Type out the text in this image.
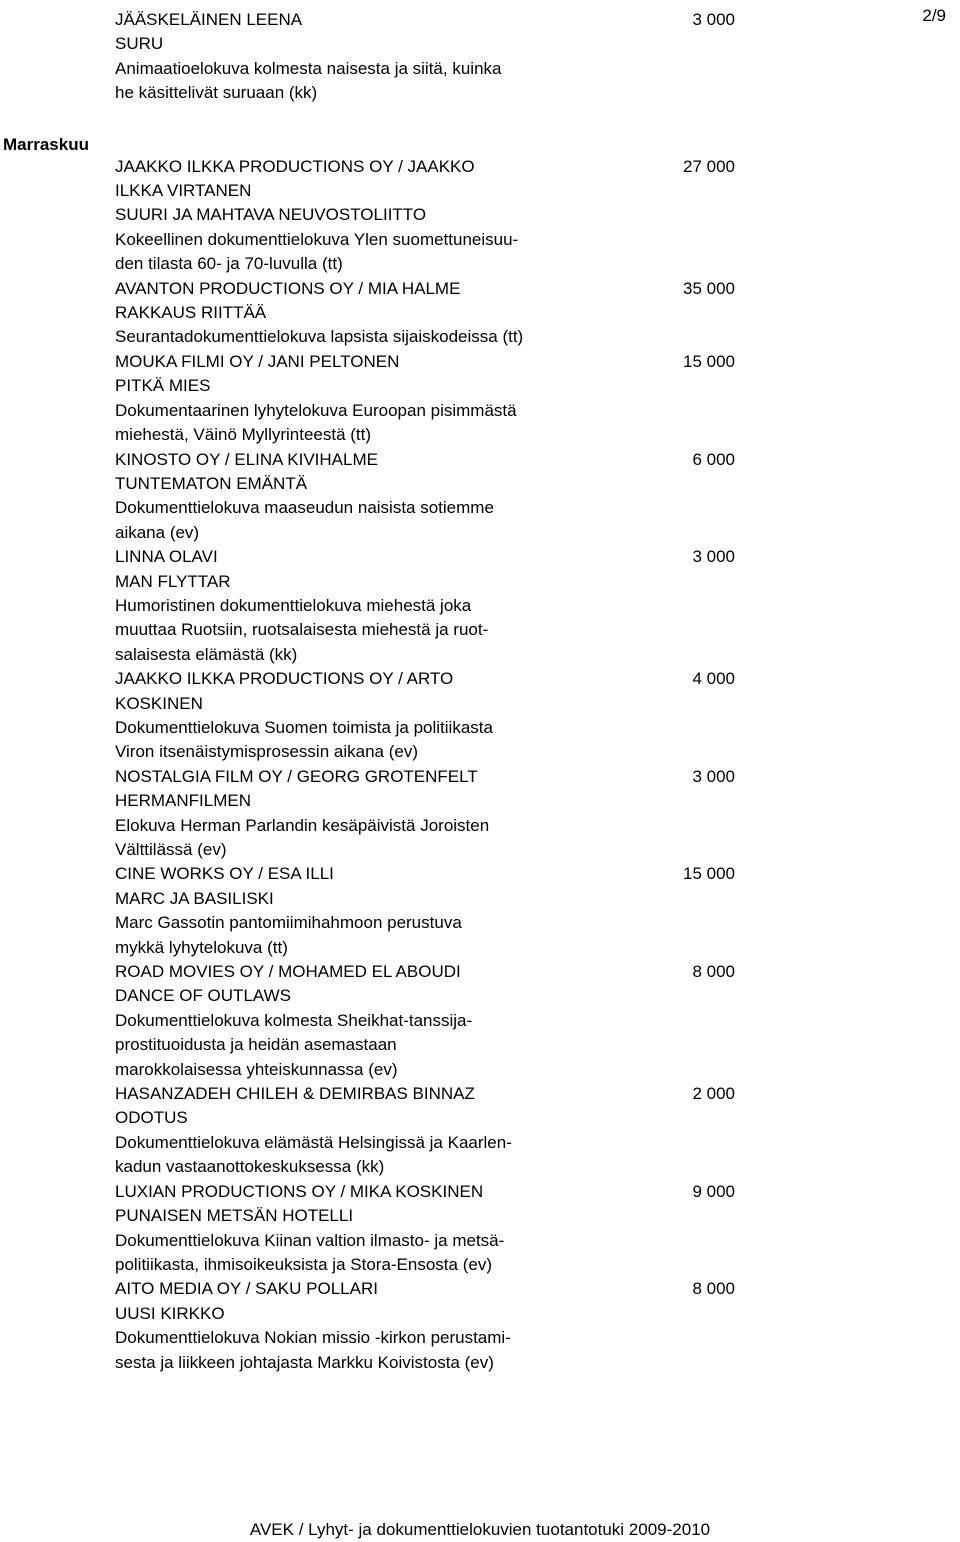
2/9
Marraskuu
JÄÄSKELÄINEN LEENA
SURU
Animaatioelokuva kolmesta naisesta ja siitä, kuinka
he käsittelivät suruaan (kk)
3 000
JAAKKO ILKKA PRODUCTIONS OY / JAAKKO
ILKKA VIRTANEN
SUURI JA MAHTAVA NEUVOSTOLIITTO
Kokeellinen dokumenttielokuva Ylen suomettuneisuu-
den tilasta 60- ja 70-luvulla (tt)
27 000
AVANTON PRODUCTIONS OY / MIA HALME
RAKKAUS RIITTÄÄ
Seurantadokumenttielokuva lapsista sijaiskodeissa (tt)
35 000
MOUKA FILMI OY / JANI PELTONEN
PITKÄ MIES
Dokumentaarinen lyhytelokuva Euroopan pisimmästä
miehestä, Väinö Myllyrinteestä (tt)
15 000
KINOSTO OY / ELINA KIVIHALME
TUNTEMATON EMÄNTÄ
Dokumenttielokuva maaseudun naisista sotiemme
aikana (ev)
6 000
LINNA OLAVI
MAN FLYTTAR
Humoristinen dokumenttielokuva miehestä joka
muuttaa Ruotsiin, ruotsalaisesta miehestä ja ruot-
salaisesta elämästä (kk)
3 000
JAAKKO ILKKA PRODUCTIONS OY / ARTO
KOSKINEN
Dokumenttielokuva Suomen toimista ja politiikasta
Viron itsenäistymisprosessin aikana (ev)
4 000
NOSTALGIA FILM OY / GEORG GROTENFELT
HERMANFILMEN
Elokuva Herman Parlandin kesäpäivistä Joroisten
Välttilässä (ev)
3 000
CINE WORKS OY / ESA ILLI
MARC JA BASILISKI
Marc Gassotin pantomiimihahmoon perustuva
mykkä lyhytelokuva (tt)
15 000
ROAD MOVIES OY / MOHAMED EL ABOUDI
DANCE OF OUTLAWS
Dokumenttielokuva kolmesta Sheikhat-tanssija-
prostituoidusta ja heidän asemastaan
marokkolaisessa yhteiskunnassa (ev)
8 000
HASANZADEH CHILEH & DEMIRBAS BINNAZ
ODOTUS
Dokumenttielokuva elämästä Helsingissä ja Kaarlen-
kadun vastaanottokeskuksessa (kk)
2 000
LUXIAN PRODUCTIONS OY / MIKA KOSKINEN
PUNAISEN METSÄN HOTELLI
Dokumenttielokuva Kiinan valtion ilmasto- ja metsä-
politiikasta, ihmisoikeuksista ja Stora-Ensosta (ev)
9 000
AITO MEDIA OY / SAKU POLLARI
UUSI KIRKKO
Dokumenttielokuva Nokian missio -kirkon perustami-
sesta ja liikkeen johtajasta Markku Koivistosta (ev)
8 000
AVEK / Lyhyt- ja dokumenttielokuvien tuotantotuki 2009-2010
